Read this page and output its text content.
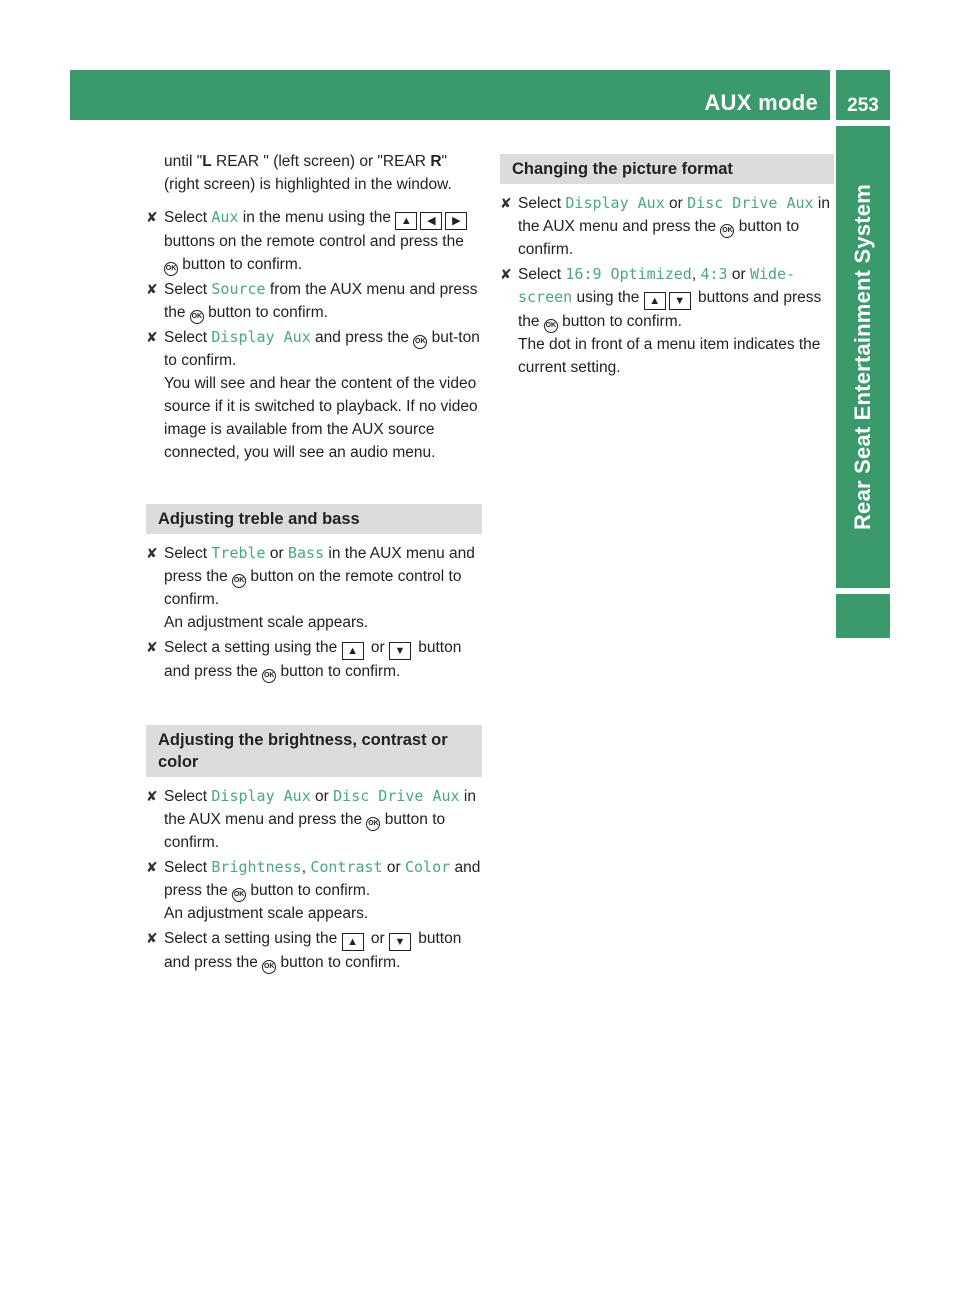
AUX mode	253
Rear Seat Entertainment System

until "L REAR " (left screen) or "REAR R" (right screen) is highlighted in the window.

✘ Select Aux in the menu using the ▲ ◀ ▶ buttons on the remote control and press the OK button to confirm.
✘ Select Source from the AUX menu and press the OK button to confirm.
✘ Select Display Aux and press the OK but-ton to confirm.
You will see and hear the content of the video source if it is switched to playback. If no video image is available from the AUX source connected, you will see an audio menu.
Adjusting treble and bass
✘ Select Treble or Bass in the AUX menu and press the OK button on the remote control to confirm.
An adjustment scale appears.
✘ Select a setting using the ▲ or ▼ button and press the OK button to confirm.
Adjusting the brightness, contrast or color
✘ Select Display Aux or Disc Drive Aux in the AUX menu and press the OK button to confirm.
✘ Select Brightness, Contrast or Color and press the OK button to confirm.
An adjustment scale appears.
✘ Select a setting using the ▲ or ▼ button and press the OK button to confirm.
Changing the picture format
✘ Select Display Aux or Disc Drive Aux in the AUX menu and press the OK button to confirm.
✘ Select 16:9 Optimized, 4:3 or Wide‐ screen using the ▲ ▼ buttons and press the OK button to confirm.
The dot in front of a menu item indicates the current setting.
